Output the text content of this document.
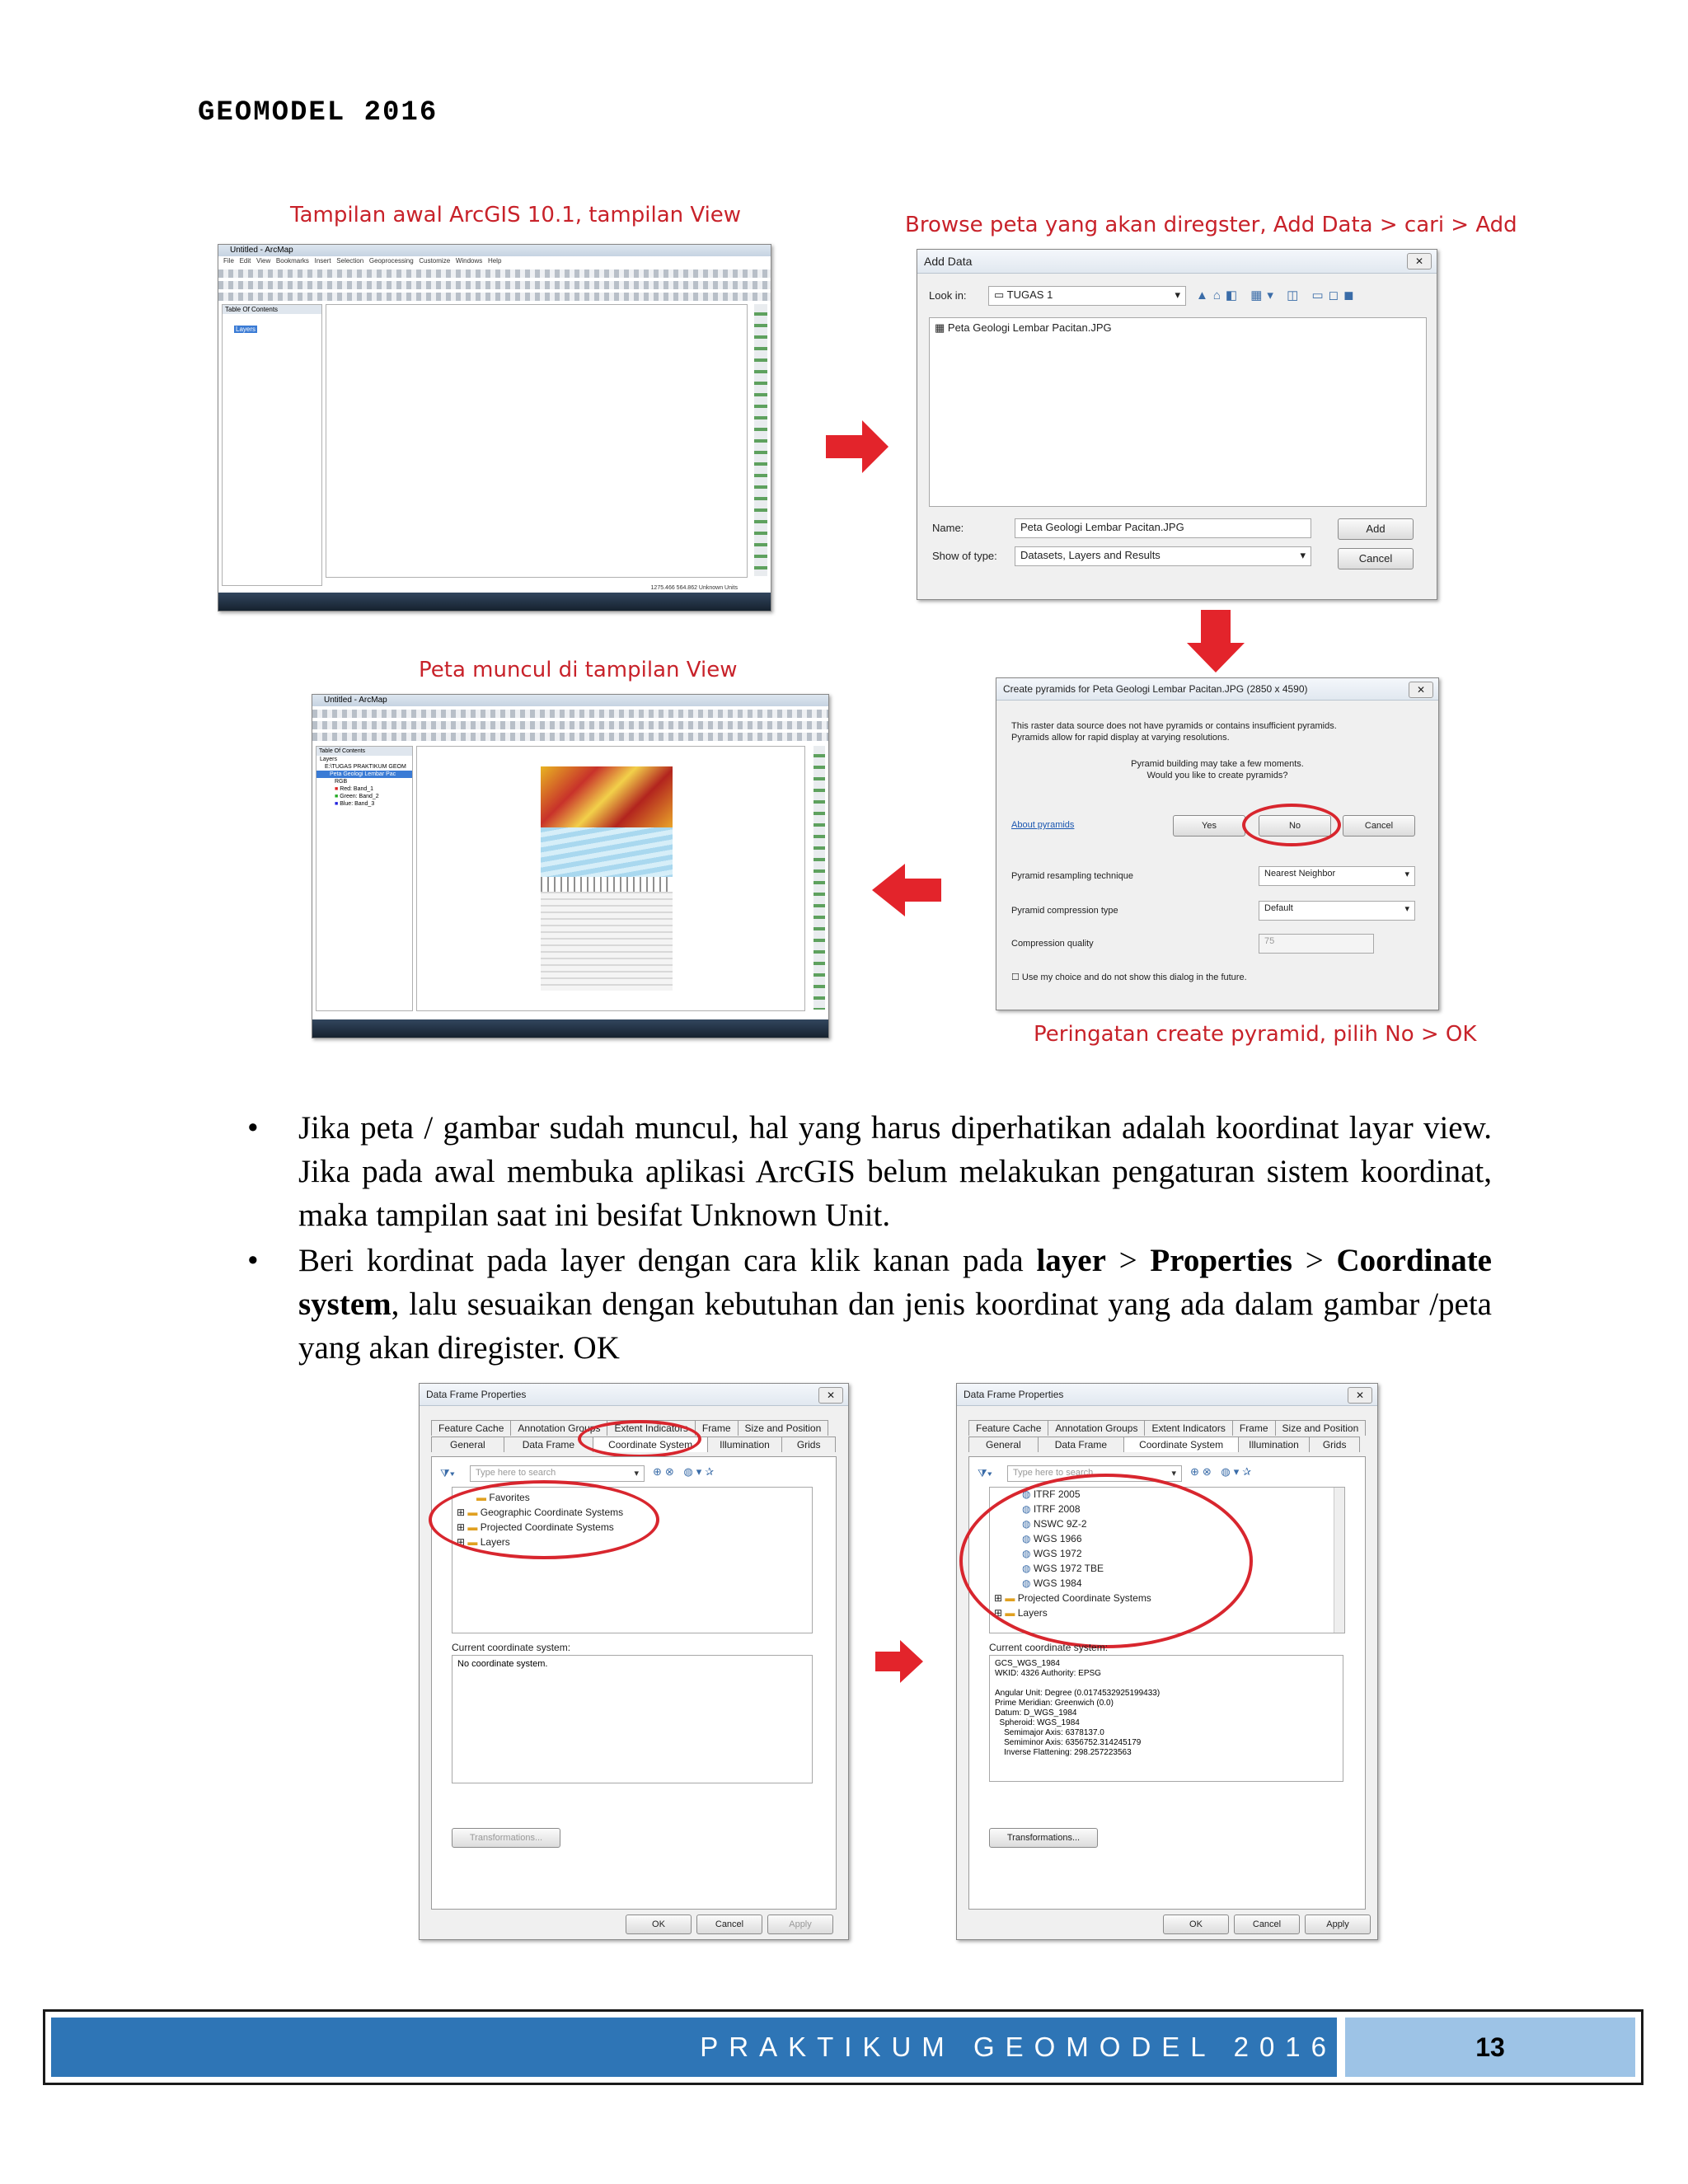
GEOMODEL 2016
Tampilan awal ArcGIS 10.1, tampilan View	Browse peta yang akan diregster, Add Data > cari > Add
Peta muncul di tampilan View
Peringatan create pyramid, pilih No > OK
Untitled - ArcMap
File Edit View Bookmarks Insert Selection Geoprocessing Customize Windows Help
Table Of Contents
Layers
1275.466 564.862 Unknown Units
Add Data	✕
Look in:	▭ TUGAS 1	▾ ▲⌂◧ ▦▾ ◫ ▭◻◼
▦ Peta Geologi Lembar Pacitan.JPG
Name:	Peta Geologi Lembar Pacitan.JPG	Add
Show of type:	Datasets, Layers and Results	▾	Cancel
Untitled - ArcMap
Table Of Contents
Layers
E:\TUGAS PRAKTIKUM GEOM
Peta Geologi Lembar Pac
RGB
■ Red: Band_1
■ Green: Band_2
■ Blue: Band_3
Create pyramids for Peta Geologi Lembar Pacitan.JPG (2850 x 4590)	✕
This raster data source does not have pyramids or contains insufficient pyramids.
Pyramids allow for rapid display at varying resolutions.
Pyramid building may take a few moments.
Would you like to create pyramids?
About pyramids	Yes	No	Cancel
Pyramid resampling technique	Nearest Neighbor	▾
Pyramid compression type	Default	▾
Compression quality	75
☐ Use my choice and do not show this dialog in the future.
• Jika peta / gambar sudah muncul, hal yang harus diperhatikan adalah koordinat layar view. Jika pada awal membuka aplikasi ArcGIS belum melakukan pengaturan sistem koordinat, maka tampilan saat ini besifat Unknown Unit.
• Beri kordinat pada layer dengan cara klik kanan pada layer > Properties > Coordinate system, lalu sesuaikan dengan kebutuhan dan jenis koordinat yang ada dalam gambar /peta yang akan diregister. OK
Data Frame Properties	✕
Feature Cache Annotation Groups Extent Indicators Frame Size and Position
General	Data Frame	Coordinate System	Illumination	Grids
⧩▾	Type here to search	▾ ⊕⊗ ◍▾✰
▬ Favorites
⊞ ▬ Geographic Coordinate Systems
⊞ ▬ Projected Coordinate Systems
⊞ ▬ Layers
Current coordinate system:
No coordinate system.
Transformations...
OK	Cancel	Apply
Data Frame Properties	✕
Feature Cache Annotation Groups Extent Indicators Frame Size and Position
General	Data Frame	Coordinate System	Illumination Grids
⧩▾	Type here to search	▾ ⊕⊗ ◍▾✰
◍ ITRF 2005
◍ ITRF 2008
◍ NSWC 9Z-2
◍ WGS 1966
◍ WGS 1972
◍ WGS 1972 TBE
◍ WGS 1984
⊞ ▬ Projected Coordinate Systems
⊞ ▬ Layers
Current coordinate system:
GCS_WGS_1984
WKID: 4326 Authority: EPSG
Angular Unit: Degree (0.0174532925199433)
Prime Meridian: Greenwich (0.0)
Datum: D_WGS_1984
Spheroid: WGS_1984
Semimajor Axis: 6378137.0
Semiminor Axis: 6356752.314245179
Inverse Flattening: 298.257223563
Transformations...
OK	Cancel	Apply
PRAKTIKUM GEOMODEL 2016	13
